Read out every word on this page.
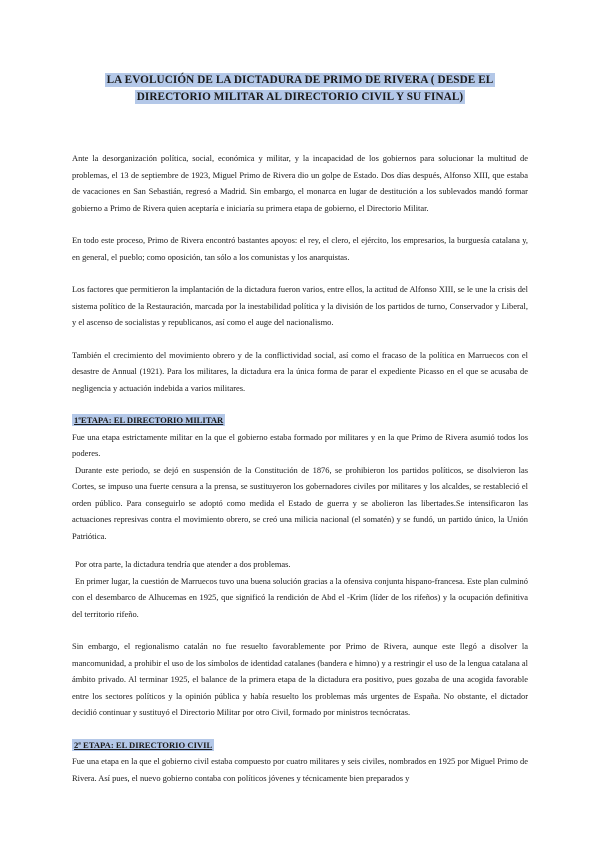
LA EVOLUCIÓN DE LA DICTADURA DE PRIMO DE RIVERA ( DESDE EL DIRECTORIO MILITAR AL DIRECTORIO CIVIL Y SU FINAL)

Ante la desorganización política, social, económica y militar, y la incapacidad de los gobiernos para solucionar la multitud de problemas, el 13 de septiembre de 1923, Miguel Primo de Rivera dio un golpe de Estado. Dos días después, Alfonso XIII, que estaba de vacaciones en San Sebastián, regresó a Madrid. Sin embargo, el monarca en lugar de destitución a los sublevados mandó formar gobierno a Primo de Rivera quien aceptaría e iniciaría su primera etapa de gobierno, el Directorio Militar.

En todo este proceso, Primo de Rivera encontró bastantes apoyos: el rey, el clero, el ejército, los empresarios, la burguesía catalana y, en general, el pueblo; como oposición, tan sólo a los comunistas y los anarquistas.

Los factores que permitieron la implantación de la dictadura fueron varios, entre ellos, la actitud de Alfonso XIII, se le une la crisis del sistema político de la Restauración, marcada por la inestabilidad política y la división de los partidos de turno, Conservador y Liberal, y el ascenso de socialistas y republicanos, así como el auge del nacionalismo.

También el crecimiento del movimiento obrero y de la conflictividad social, así como el fracaso de la política en Marruecos con el desastre de Annual (1921). Para los militares, la dictadura era la única forma de parar el expediente Picasso en el que se acusaba de negligencia y actuación indebida a varios militares.

1ªETAPA: EL DIRECTORIO MILITAR

Fue una etapa estrictamente militar en la que el gobierno estaba formado por militares y en la que Primo de Rivera asumió todos los poderes.

Durante este periodo, se dejó en suspensión de la Constitución de 1876, se prohibieron los partidos políticos, se disolvieron las Cortes, se impuso una fuerte censura a la prensa, se sustituyeron los gobernadores civiles por militares y los alcaldes, se restableció el orden público. Para conseguirlo se adoptó como medida el Estado de guerra y se abolieron las libertades.Se intensificaron las actuaciones represivas contra el movimiento obrero, se creó una milicia nacional (el somatén) y se fundó, un partido único, la Unión Patriótica.

Por otra parte, la dictadura tendría que atender a dos problemas.

En primer lugar, la cuestión de Marruecos tuvo una buena solución gracias a la ofensiva conjunta hispano-francesa. Este plan culminó con el desembarco de Alhucemas en 1925, que significó la rendición de Abd el -Krim (líder de los rifeños) y la ocupación definitiva del territorio rifeño.

Sin embargo, el regionalismo catalán no fue resuelto favorablemente por Primo de Rivera, aunque este llegó a disolver la mancomunidad, a prohibir el uso de los símbolos de identidad catalanes (bandera e himno) y a restringir el uso de la lengua catalana al ámbito privado. Al terminar 1925, el balance de la primera etapa de la dictadura era positivo, pues gozaba de una acogida favorable entre los sectores políticos y la opinión pública y había resuelto los problemas más urgentes de España. No obstante, el dictador decidió continuar y sustituyó el Directorio Militar por otro Civil, formado por ministros tecnócratas.

2ª ETAPA: EL DIRECTORIO CIVIL

Fue una etapa en la que el gobierno civil estaba compuesto por cuatro militares y seis civiles, nombrados en 1925 por Miguel Primo de Rivera. Así pues, el nuevo gobierno contaba con políticos jóvenes y técnicamente bien preparados y
